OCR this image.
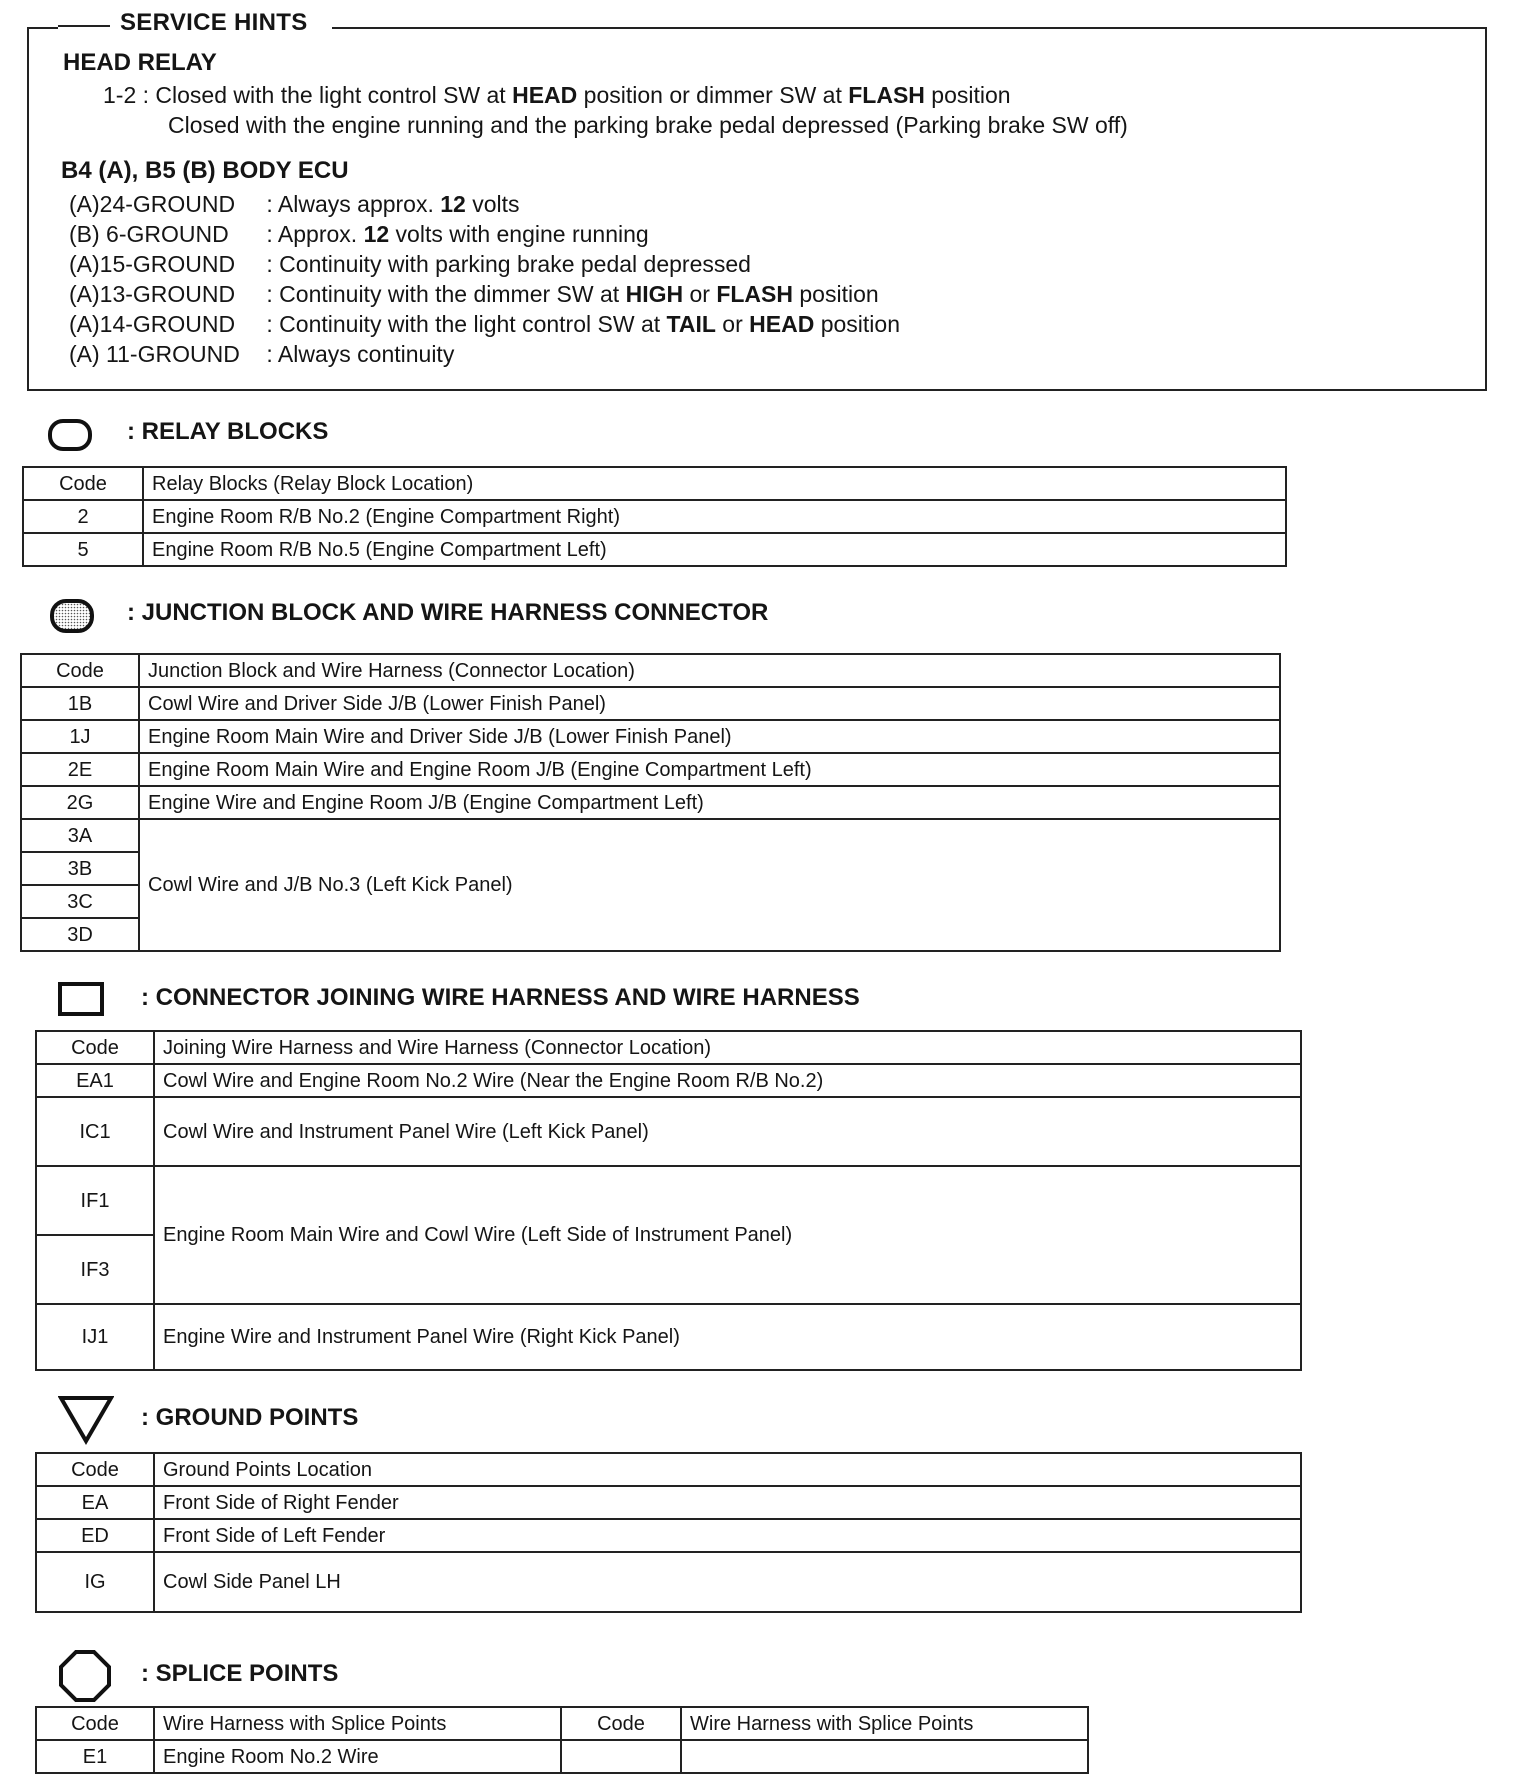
SERVICE HINTS
HEAD RELAY
1-2 : Closed with the light control SW at HEAD position or dimmer SW at FLASH position
Closed with the engine running and the parking brake pedal depressed (Parking brake SW off)
B4 (A), B5 (B) BODY ECU
(A)24-GROUND : Always approx. 12 volts
(B) 6-GROUND : Approx. 12 volts with engine running
(A)15-GROUND : Continuity with parking brake pedal depressed
(A)13-GROUND : Continuity with the dimmer SW at HIGH or FLASH position
(A)14-GROUND : Continuity with the light control SW at TAIL or HEAD position
(A) 11-GROUND : Always continuity
: RELAY BLOCKS
Code	Relay Blocks (Relay Block Location)
2	Engine Room R/B No.2 (Engine Compartment Right)
5	Engine Room R/B No.5 (Engine Compartment Left)
: JUNCTION BLOCK AND WIRE HARNESS CONNECTOR
Code	Junction Block and Wire Harness (Connector Location)
1B	Cowl Wire and Driver Side J/B (Lower Finish Panel)
1J	Engine Room Main Wire and Driver Side J/B (Lower Finish Panel)
2E	Engine Room Main Wire and Engine Room J/B (Engine Compartment Left)
2G	Engine Wire and Engine Room J/B (Engine Compartment Left)
3A	Cowl Wire and J/B No.3 (Left Kick Panel)
3B	
3C	
3D	
: CONNECTOR JOINING WIRE HARNESS AND WIRE HARNESS
Code	Joining Wire Harness and Wire Harness (Connector Location)
EA1	Cowl Wire and Engine Room No.2 Wire (Near the Engine Room R/B No.2)
IC1	Cowl Wire and Instrument Panel Wire (Left Kick Panel)
IF1	Engine Room Main Wire and Cowl Wire (Left Side of Instrument Panel)
IF3	
IJ1	Engine Wire and Instrument Panel Wire (Right Kick Panel)
: GROUND POINTS
Code	Ground Points Location
EA	Front Side of Right Fender
ED	Front Side of Left Fender
IG	Cowl Side Panel LH
: SPLICE POINTS
Code	Wire Harness with Splice Points	Code	Wire Harness with Splice Points
E1	Engine Room No.2 Wire		
